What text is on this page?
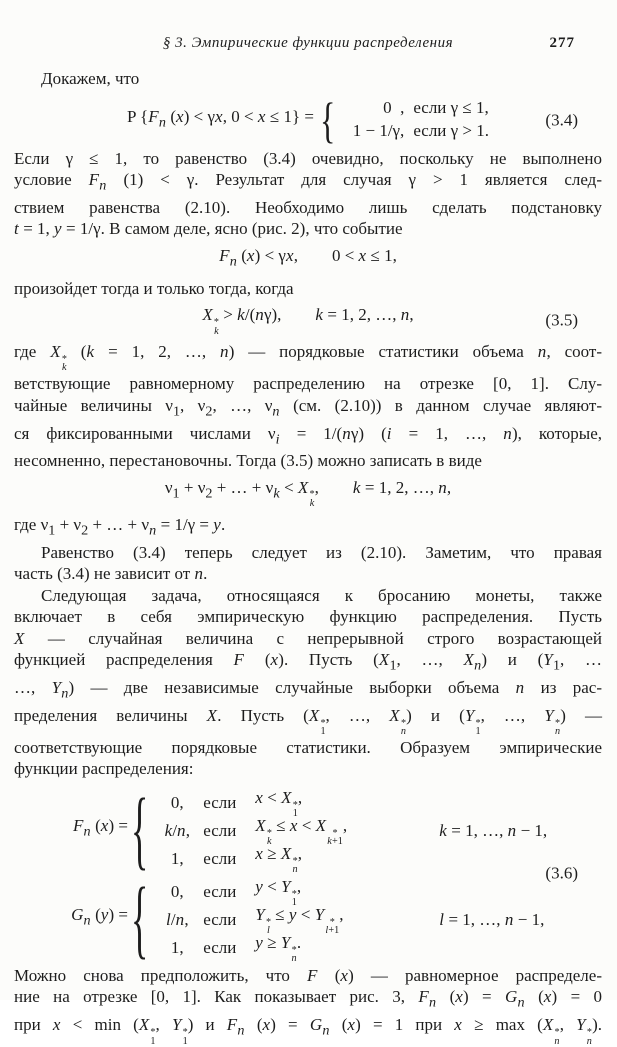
§ 3. Эмпирические функции распределения	277
Докажем, что
P {$F_n$ (x) < γx, 0 < x ≤ 1} = {	0  , если γ ≤ 1,
1 − 1/γ, если γ > 1.
(3.4)
Если γ ≤ 1, то равенство (3.4) очевидно, поскольку не выполнено
условие $F_n$ (1) < γ. Результат для случая γ > 1 является след-
ствием равенства (2.10). Необходимо лишь сделать подстановку
t = 1, y = 1/γ. В самом деле, ясно (рис. 2), что событие
$F_n$ (x) < γx,  0 < x ≤ 1,
произойдет тогда и только тогда, когда
X *
k
> k/(nγ),  k = 1, 2, …, n,	(3.5)
где X *
k
(k = 1, 2, …, n) — порядковые статистики объема n, соот-
ветствующие равномерному распределению на отрезке [0, 1]. Слу-
чайные величины $\nu_1$, $\nu_2$, …, $\nu_n$ (см. (2.10)) в данном случае являют-
ся фиксированными числами $\nu_i = 1/(n\gamma) (i = 1$, …, n), которые,
несомненно, перестановочны. Тогда (3.5) можно записать в виде
$\nu_1 + \nu_2$ + … + $\nu_k < X$ *
k
,  k = 1, 2, …, n,
где $\nu_1 + \nu_2$ + … + $\nu_n = 1/\gamma = y$.
Равенство (3.4) теперь следует из (2.10). Заметим, что правая
часть (3.4) не зависит от n.
Следующая задача, относящаяся к бросанию монеты, также
включает в себя эмпирическую функцию распределения. Пусть
X — случайная величина с непрерывной строго возрастающей
функцией распределения F (x). Пусть ($X_1$, …, $X_n$) и ($Y_1$, …
…, $Y_n$) — две независимые случайные выборки объема n из рас-
пределения величины X. Пусть (X *
1
, …, X *
n
) и (Y *
1
, …, Y *
n
) —
соответствующие порядковые статистики. Образуем эмпирические
функции распределения:
$F_n$ (x) = {	0,	если	x < X *
1
,
k/n, если	X *
k
≤ x < X *
k+1
,	k = 1, …, n − 1,
1,	если	x ≥ X *
n
,
$G_n$ (y) = {	0,	если	y < Y *
1
,
l/n, если	Y *
l
≤ y < Y *
l+1
,	l = 1, …, n − 1,
1,	если	y ≥ Y *
n
.
(3.6)
Можно снова предположить, что F (x) — равномерное распределе-
ние на отрезке [0, 1]. Как показывает рис. 3, $F_n$ $(x) = G_n$ (x) = 0
при x < min (X *
1
, Y *
1
) и $F_n$ $(x) = G_n$ (x) = 1 при x ≥ max (X *
n
, Y *
n
).
